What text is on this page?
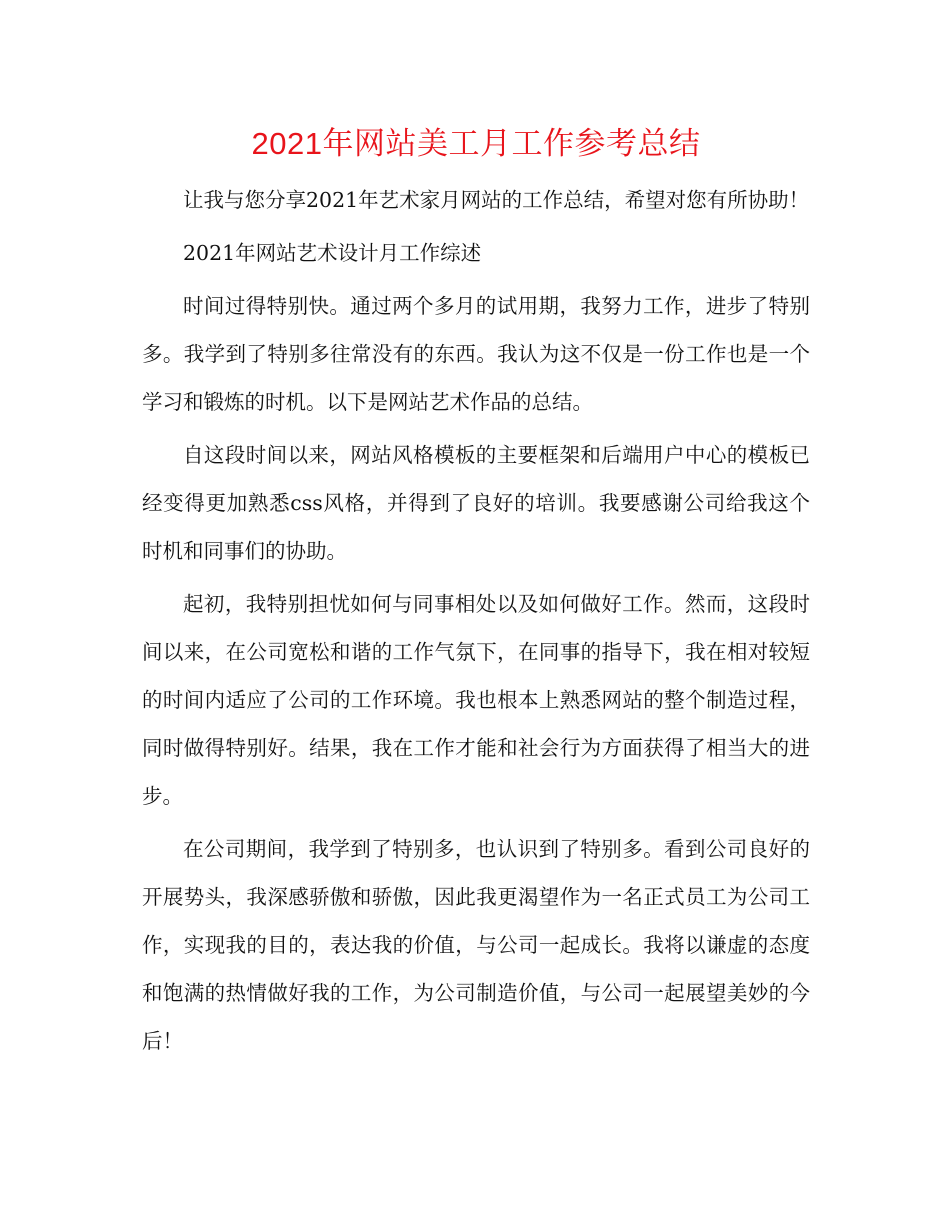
2021年网站美工月工作参考总结

让我与您分享2021年艺术家月网站的工作总结，希望对您有所协助！

2021年网站艺术设计月工作综述

时间过得特别快。通过两个多月的试用期，我努力工作，进步了特别多。我学到了特别多往常没有的东西。我认为这不仅是一份工作也是一个学习和锻炼的时机。以下是网站艺术作品的总结。

自这段时间以来，网站风格模板的主要框架和后端用户中心的模板已经变得更加熟悉css风格，并得到了良好的培训。我要感谢公司给我这个时机和同事们的协助。

起初，我特别担忧如何与同事相处以及如何做好工作。然而，这段时间以来，在公司宽松和谐的工作气氛下，在同事的指导下，我在相对较短的时间内适应了公司的工作环境。我也根本上熟悉网站的整个制造过程，同时做得特别好。结果，我在工作才能和社会行为方面获得了相当大的进步。

在公司期间，我学到了特别多，也认识到了特别多。看到公司良好的开展势头，我深感骄傲和骄傲，因此我更渴望作为一名正式员工为公司工作，实现我的目的，表达我的价值，与公司一起成长。我将以谦虚的态度和饱满的热情做好我的工作，为公司制造价值，与公司一起展望美妙的今后！
